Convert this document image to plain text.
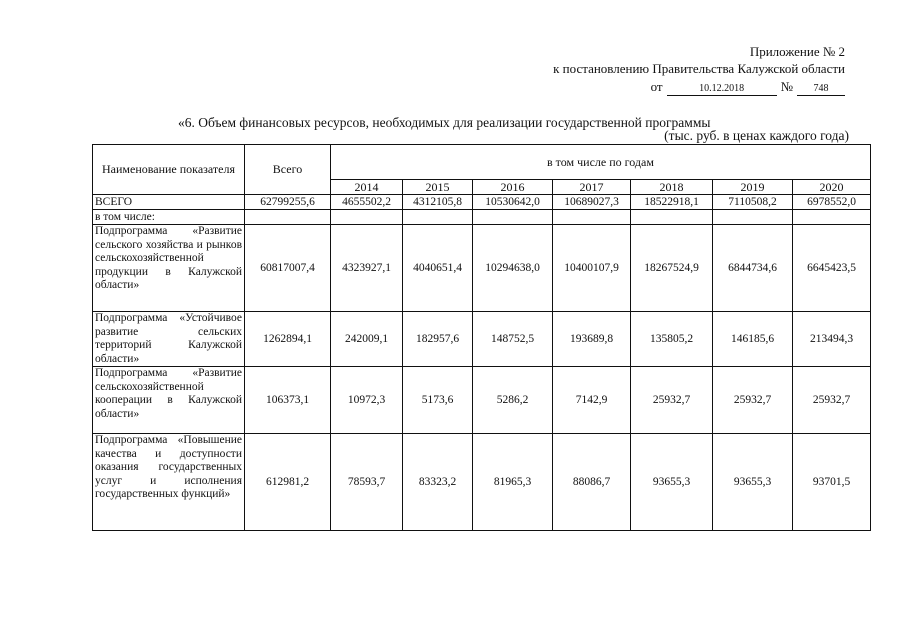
Приложение № 2
к постановлению Правительства Калужской области
от	10.12.2018	№ 748
«6. Объем финансовых ресурсов, необходимых для реализации государственной программы
(тыс. руб. в ценах каждого года)
Наименование показателя	Всего	в том числе по годам						
		2014	2015	2016	2017	2018	2019	2020
ВСЕГО	62799255,6	4655502,2	4312105,8	10530642,0	10689027,3	18522918,1	7110508,2	6978552,0
в том числе:								
Подпрограмма «Развитие сельского хозяйства и рынков сельскохозяйственной продукции в Калужской области»	60817007,4	4323927,1	4040651,4	10294638,0	10400107,9	18267524,9	6844734,6	6645423,5
Подпрограмма «Устойчивое развитие сельских территорий Калужской области»	1262894,1	242009,1	182957,6	148752,5	193689,8	135805,2	146185,6	213494,3
Подпрограмма «Развитие сельскохозяйственной кооперации в Калужской области»	106373,1	10972,3	5173,6	5286,2	7142,9	25932,7	25932,7	25932,7
Подпрограмма «Повышение качества и доступности оказания государственных услуг и исполнения государственных функций»	612981,2	78593,7	83323,2	81965,3	88086,7	93655,3	93655,3	93701,5
